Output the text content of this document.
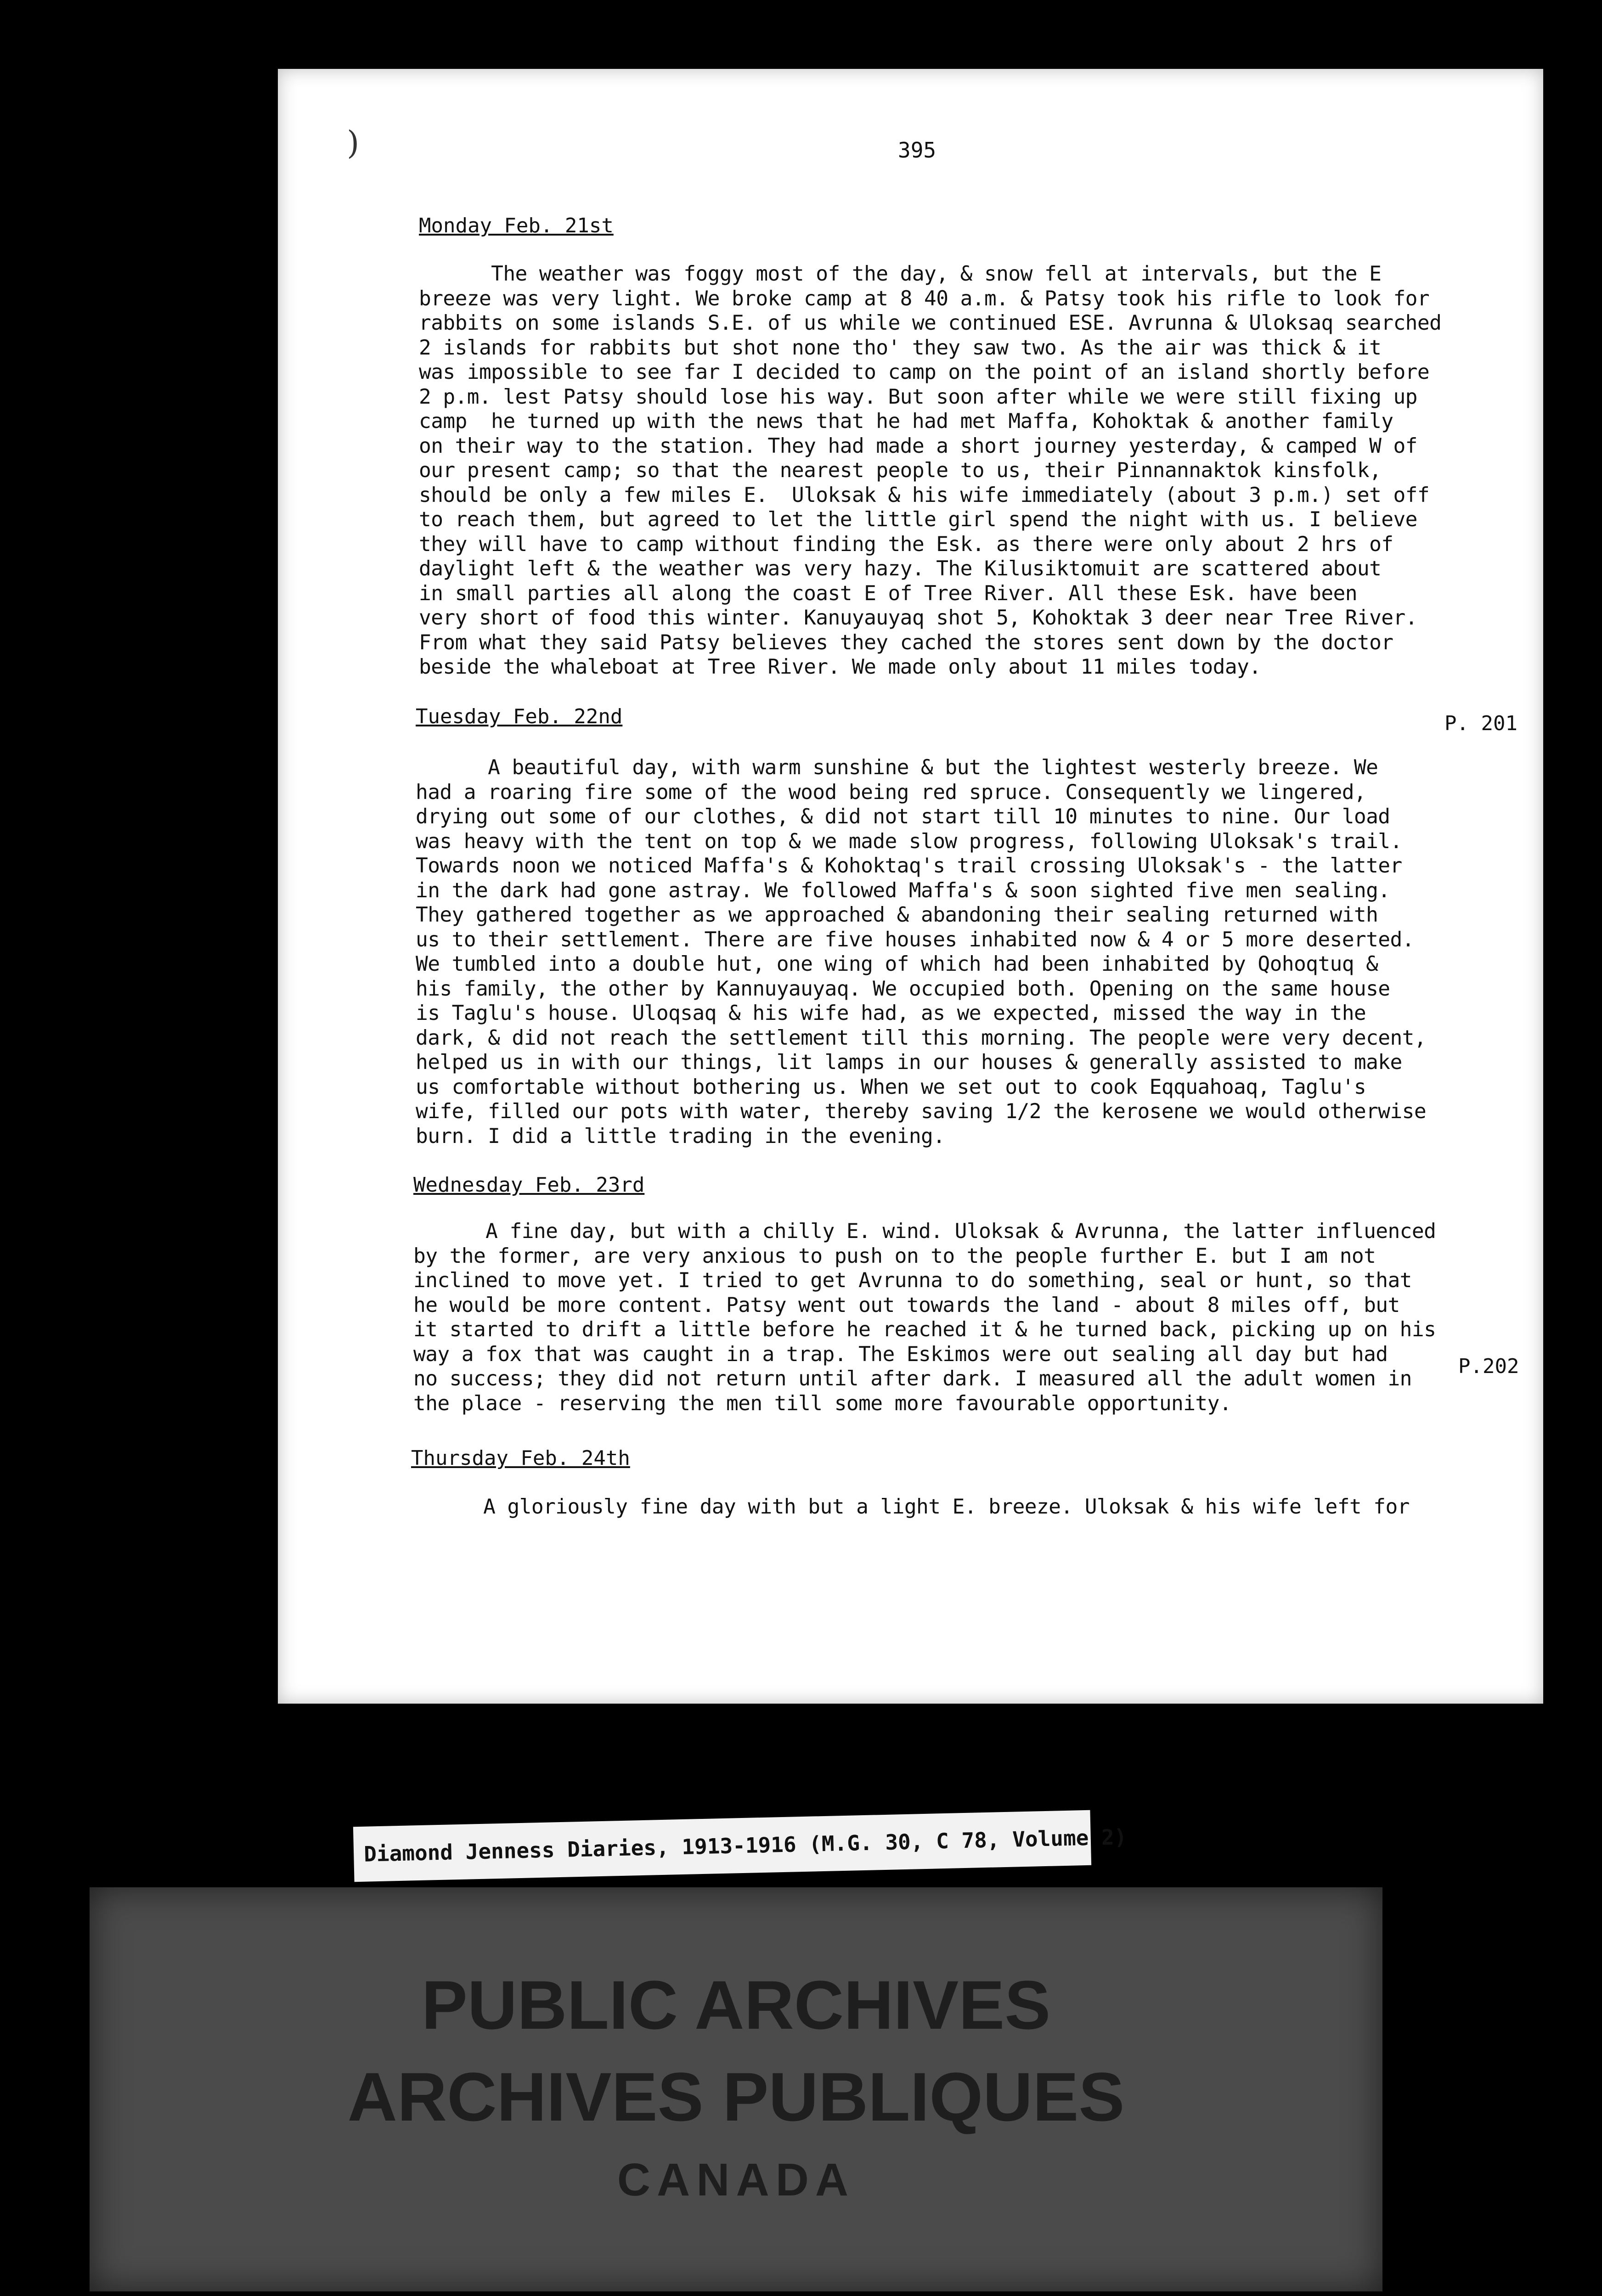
)	395
Monday Feb. 21st
The weather was foggy most of the day, & snow fell at intervals, but the E
breeze was very light. We broke camp at 8 40 a.m. & Patsy took his rifle to look for
rabbits on some islands S.E. of us while we continued ESE. Avrunna & Uloksaq searched
2 islands for rabbits but shot none tho' they saw two. As the air was thick & it
was impossible to see far I decided to camp on the point of an island shortly before
2 p.m. lest Patsy should lose his way. But soon after while we were still fixing up
camp  he turned up with the news that he had met Maffa, Kohoktak & another family
on their way to the station. They had made a short journey yesterday, & camped W of
our present camp; so that the nearest people to us, their Pinnannaktok kinsfolk,
should be only a few miles E.  Uloksak & his wife immediately (about 3 p.m.) set off
to reach them, but agreed to let the little girl spend the night with us. I believe
they will have to camp without finding the Esk. as there were only about 2 hrs of
daylight left & the weather was very hazy. The Kilusiktomuit are scattered about
in small parties all along the coast E of Tree River. All these Esk. have been
very short of food this winter. Kanuyauyaq shot 5, Kohoktak 3 deer near Tree River.
From what they said Patsy believes they cached the stores sent down by the doctor
beside the whaleboat at Tree River. We made only about 11 miles today.
Tuesday Feb. 22nd	P. 201
A beautiful day, with warm sunshine & but the lightest westerly breeze. We
had a roaring fire some of the wood being red spruce. Consequently we lingered,
drying out some of our clothes, & did not start till 10 minutes to nine. Our load
was heavy with the tent on top & we made slow progress, following Uloksak's trail.
Towards noon we noticed Maffa's & Kohoktaq's trail crossing Uloksak's - the latter
in the dark had gone astray. We followed Maffa's & soon sighted five men sealing.
They gathered together as we approached & abandoning their sealing returned with
us to their settlement. There are five houses inhabited now & 4 or 5 more deserted.
We tumbled into a double hut, one wing of which had been inhabited by Qohoqtuq &
his family, the other by Kannuyauyaq. We occupied both. Opening on the same house
is Taglu's house. Uloqsaq & his wife had, as we expected, missed the way in the
dark, & did not reach the settlement till this morning. The people were very decent,
helped us in with our things, lit lamps in our houses & generally assisted to make
us comfortable without bothering us. When we set out to cook Eqquahoaq, Taglu's
wife, filled our pots with water, thereby saving 1/2 the kerosene we would otherwise
burn. I did a little trading in the evening.
Wednesday Feb. 23rd
A fine day, but with a chilly E. wind. Uloksak & Avrunna, the latter influenced
by the former, are very anxious to push on to the people further E. but I am not
inclined to move yet. I tried to get Avrunna to do something, seal or hunt, so that
he would be more content. Patsy went out towards the land - about 8 miles off, but
it started to drift a little before he reached it & he turned back, picking up on his
way a fox that was caught in a trap. The Eskimos were out sealing all day but had
no success; they did not return until after dark. I measured all the adult women in
the place - reserving the men till some more favourable opportunity.
P.202
Thursday Feb. 24th
A gloriously fine day with but a light E. breeze. Uloksak & his wife left for
Diamond Jenness Diaries, 1913-1916 (M.G. 30, C 78, Volume 2)
PUBLIC ARCHIVES
ARCHIVES PUBLIQUES
CANADA
